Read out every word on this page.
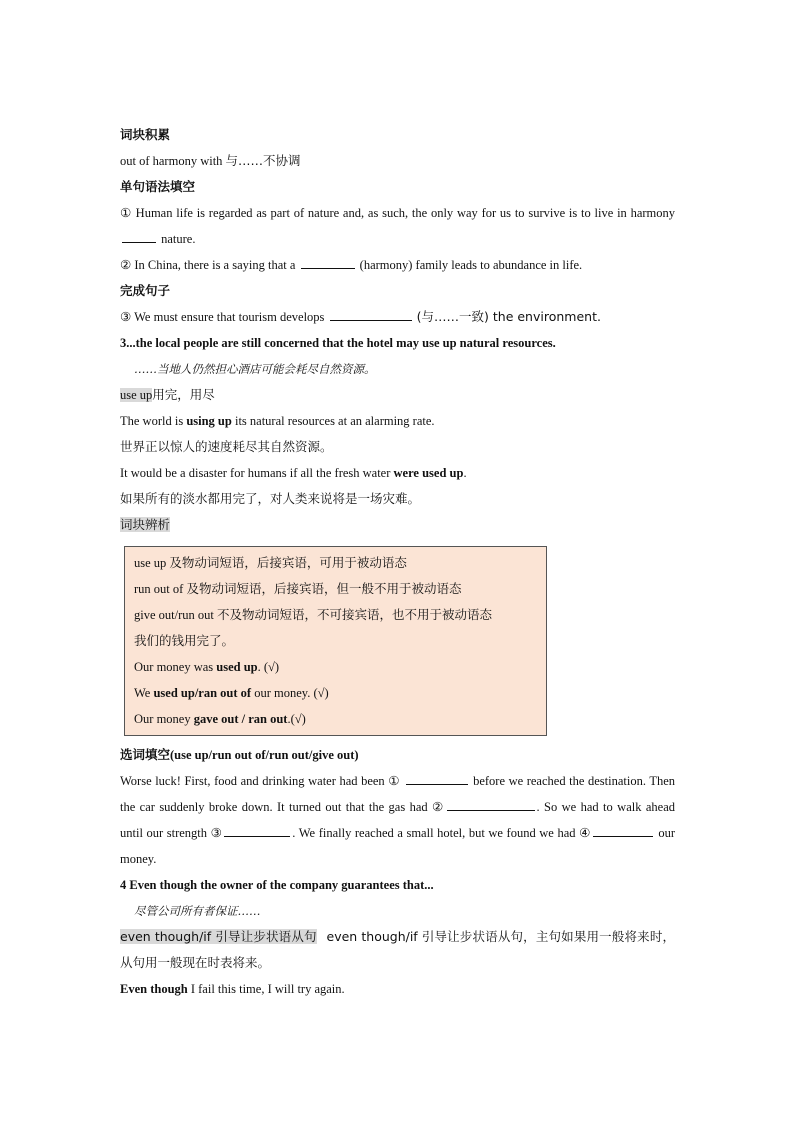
词块积累
out of harmony with 与……不协调
单句语法填空
① Human life is regarded as part of nature and, as such, the only way for us to survive is to live in harmony  nature.
② In China, there is a saying that a	(harmony) family leads to abundance in life.
完成句子
③ We must ensure that tourism develops	(与……一致) the environment.
3...the local people are still concerned that the hotel may use up natural resources.
……当地人仍然担心酒店可能会耗尽自然资源。
use up用完，用尽
The world is using up its natural resources at an alarming rate.
世界正以惊人的速度耗尽其自然资源。
It would be a disaster for humans if all the fresh water were used up.
如果所有的淡水都用完了，对人类来说将是一场灾难。
词块辨析
use up 及物动词短语，后接宾语，可用于被动语态
run out of 及物动词短语，后接宾语，但一般不用于被动语态
give out/run out 不及物动词短语，不可接宾语，也不用于被动语态
我们的钱用完了。
Our money was used up. (√)
We used up/ran out of our money. (√)
Our money gave out / ran out.(√)
选词填空(use up/run out of/run out/give out)
Worse luck! First, food and drinking water had been ①	before we reached the destination. Then the car suddenly broke down. It turned out that the gas had ②	. So we had to walk ahead until our strength ③	. We finally reached a small hotel, but we found we had ④	our money.
4 Even though the owner of the company guarantees that...
尽管公司所有者保证……
even though/if 引导让步状语从句 even though/if 引导让步状语从句，主句如果用一般将来时，从句用一般现在时表将来。
Even though I fail this time, I will try again.
